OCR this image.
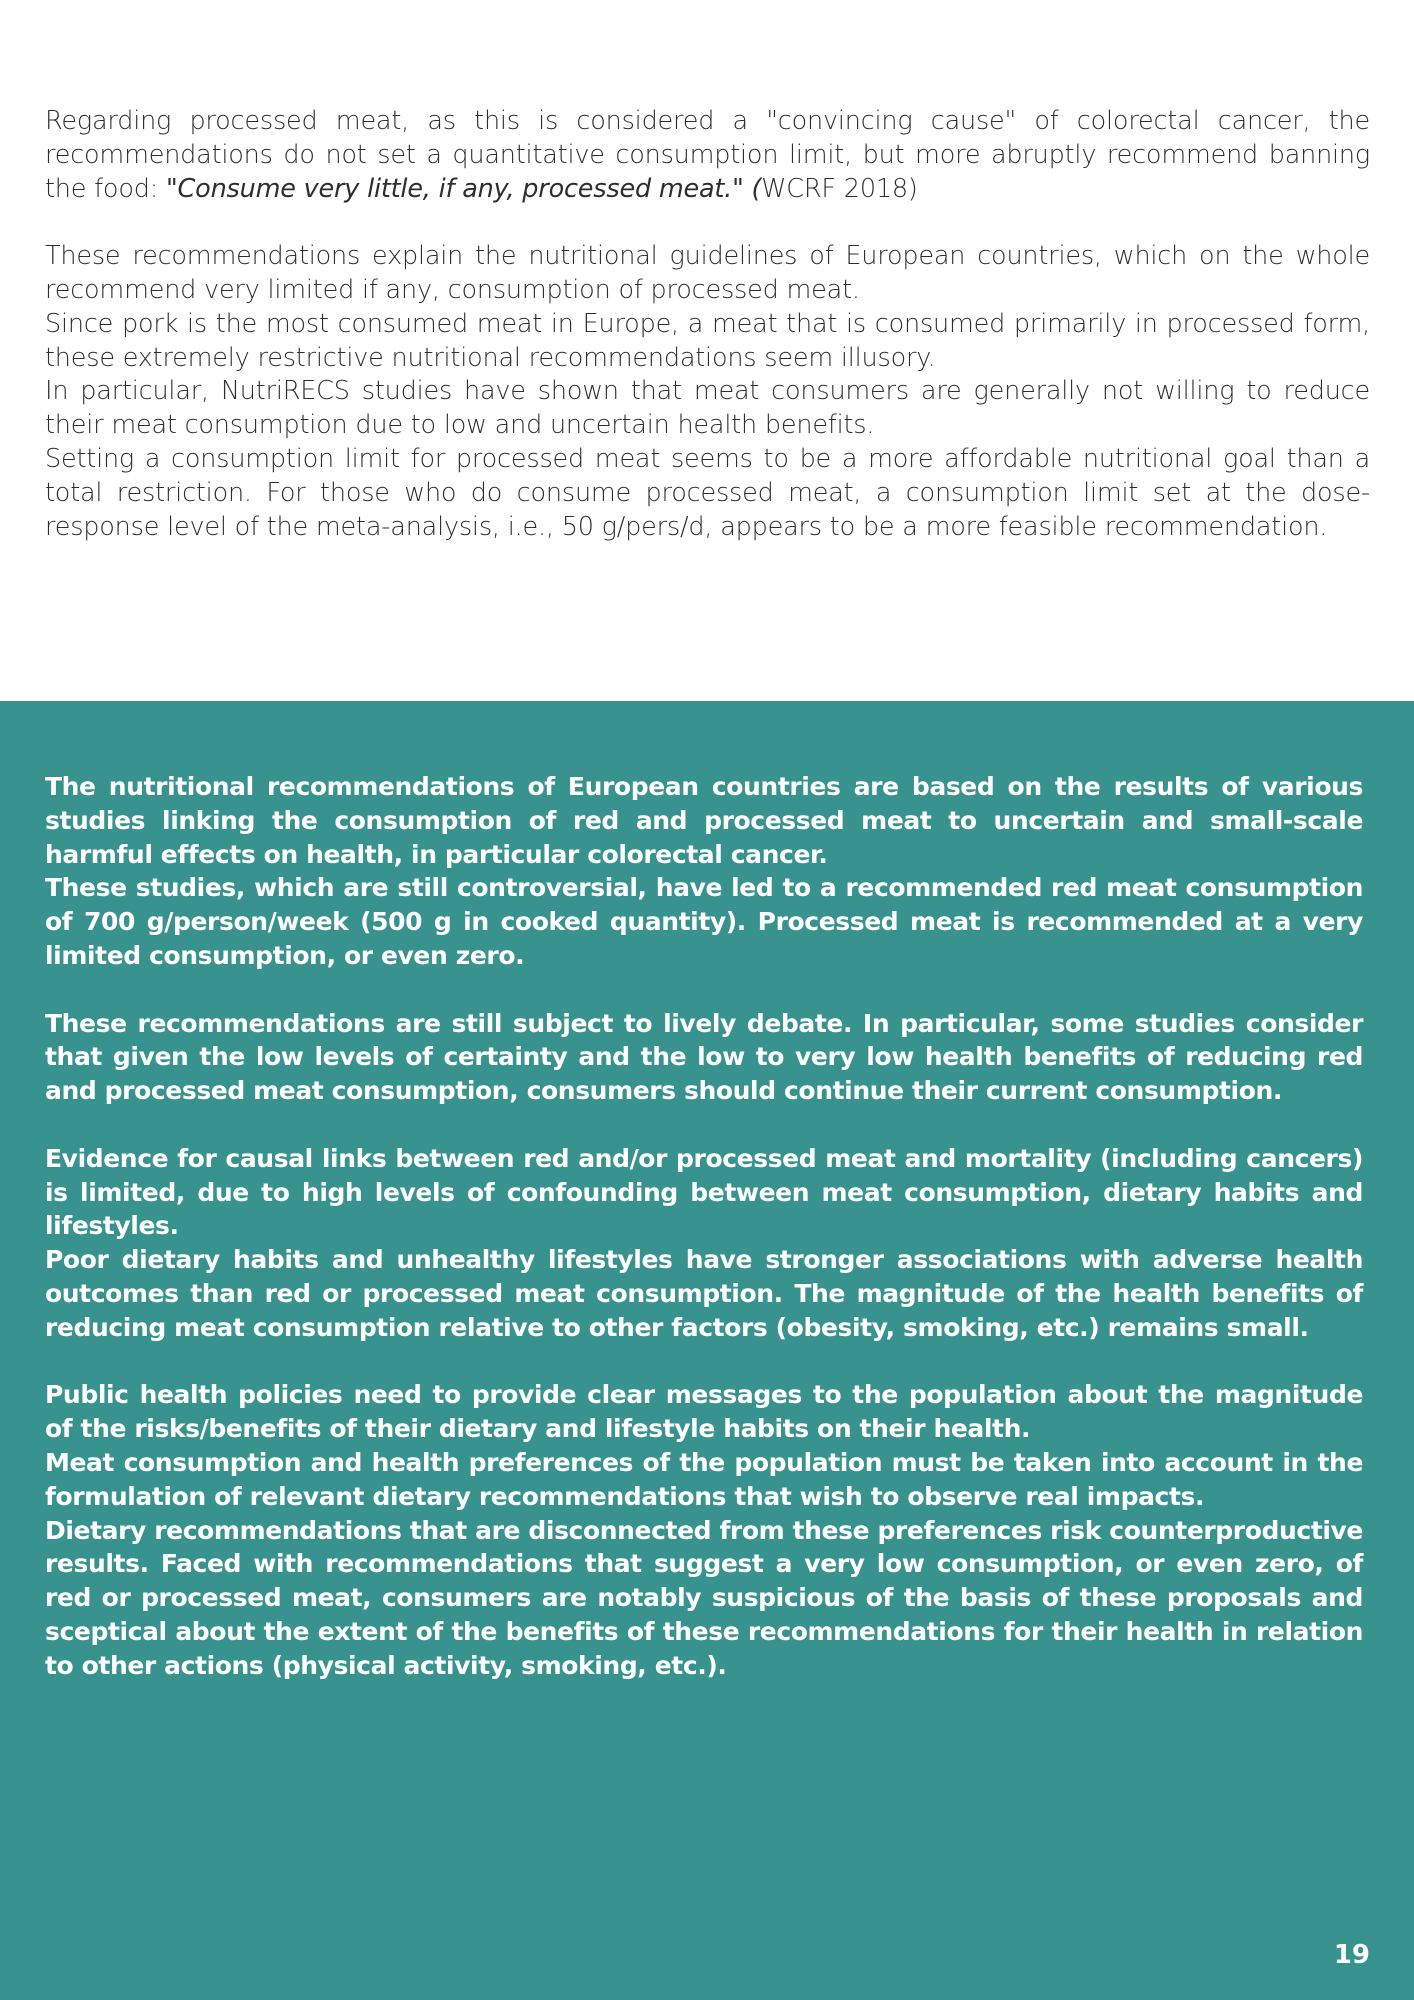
Regarding processed meat, as this is considered a "convincing cause" of colorectal cancer, the recommendations do not set a quantitative consumption limit, but more abruptly recommend banning the food: "Consume very little, if any, processed meat." (WCRF 2018)

These recommendations explain the nutritional guidelines of European countries, which on the whole recommend very limited if any, consumption of processed meat.

Since pork is the most consumed meat in Europe, a meat that is consumed primarily in processed form, these extremely restrictive nutritional recommendations seem illusory.

In particular, NutriRECS studies have shown that meat consumers are generally not willing to reduce their meat consumption due to low and uncertain health benefits.

Setting a consumption limit for processed meat seems to be a more affordable nutritional goal than a total restriction. For those who do consume processed meat, a consumption limit set at the dose-response level of the meta-analysis, i.e., 50 g/pers/d, appears to be a more feasible recommendation.

The nutritional recommendations of European countries are based on the results of various studies linking the consumption of red and processed meat to uncertain and small-scale harmful effects on health, in particular colorectal cancer.

These studies, which are still controversial, have led to a recommended red meat consumption of 700 g/person/week (500 g in cooked quantity). Processed meat is recommended at a very limited consumption, or even zero.

These recommendations are still subject to lively debate. In particular, some studies consider that given the low levels of certainty and the low to very low health benefits of reducing red and processed meat consumption, consumers should continue their current consumption.

Evidence for causal links between red and/or processed meat and mortality (including cancers) is limited, due to high levels of confounding between meat consumption, dietary habits and lifestyles.

Poor dietary habits and unhealthy lifestyles have stronger associations with adverse health outcomes than red or processed meat consumption. The magnitude of the health benefits of reducing meat consumption relative to other factors (obesity, smoking, etc.) remains small.

Public health policies need to provide clear messages to the population about the magnitude of the risks/benefits of their dietary and lifestyle habits on their health.

Meat consumption and health preferences of the population must be taken into account in the formulation of relevant dietary recommendations that wish to observe real impacts.

Dietary recommendations that are disconnected from these preferences risk counterproductive results. Faced with recommendations that suggest a very low consumption, or even zero, of red or processed meat, consumers are notably suspicious of the basis of these proposals and sceptical about the extent of the benefits of these recommendations for their health in relation to other actions (physical activity, smoking, etc.).

19
